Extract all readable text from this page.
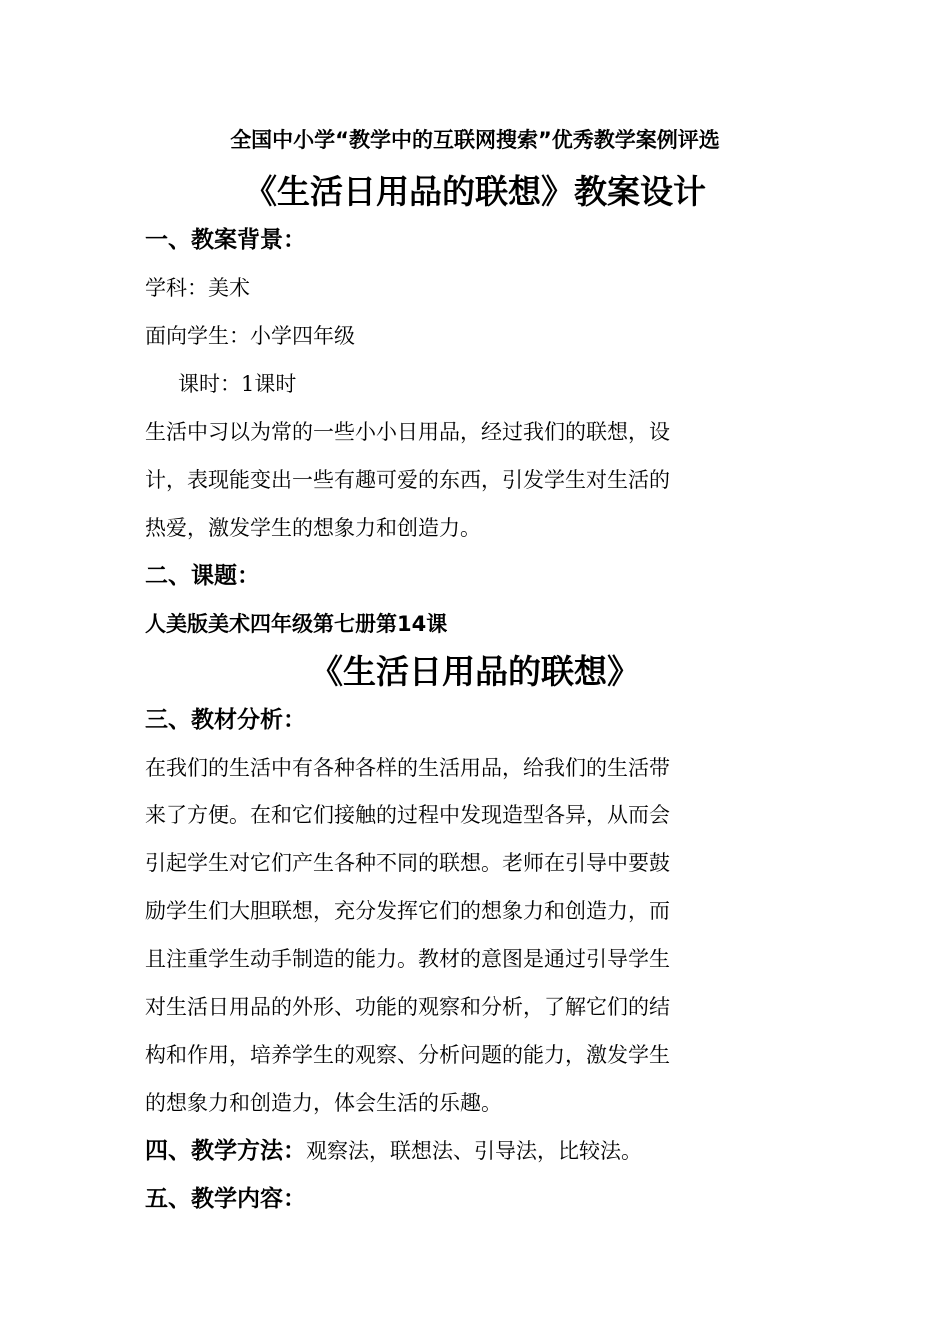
全国中小学“教学中的互联网搜索”优秀教学案例评选
《生活日用品的联想》教案设计
一、教案背景：
学科：美术
面向学生：小学四年级
课时：1课时
生活中习以为常的一些小小日用品，经过我们的联想，设
计，表现能变出一些有趣可爱的东西，引发学生对生活的
热爱，激发学生的想象力和创造力。
二、课题：
人美版美术四年级第七册第14课
《生活日用品的联想》
三、教材分析：
在我们的生活中有各种各样的生活用品，给我们的生活带
来了方便。在和它们接触的过程中发现造型各异，从而会
引起学生对它们产生各种不同的联想。老师在引导中要鼓
励学生们大胆联想，充分发挥它们的想象力和创造力，而
且注重学生动手制造的能力。教材的意图是通过引导学生
对生活日用品的外形、功能的观察和分析，了解它们的结
构和作用，培养学生的观察、分析问题的能力，激发学生
的想象力和创造力，体会生活的乐趣。
四、教学方法：观察法，联想法、引导法，比较法。
五、教学内容：
